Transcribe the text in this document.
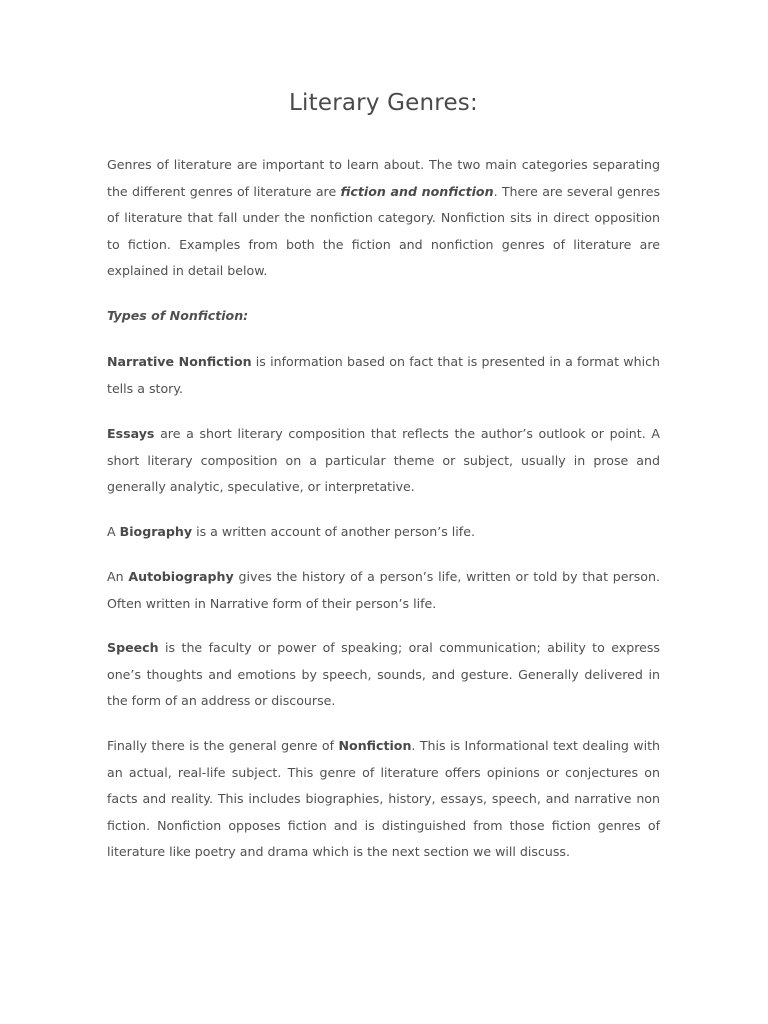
Literary Genres:

Genres of literature are important to learn about. The two main categories separating the different genres of literature are fiction and nonfiction. There are several genres of literature that fall under the nonfiction category. Nonfiction sits in direct opposition to fiction. Examples from both the fiction and nonfiction genres of literature are explained in detail below.

Types of Nonfiction:

Narrative Nonfiction is information based on fact that is presented in a format which tells a story.

Essays are a short literary composition that reflects the author’s outlook or point. A short literary composition on a particular theme or subject, usually in prose and generally analytic, speculative, or interpretative.

A Biography is a written account of another person’s life.

An Autobiography gives the history of a person’s life, written or told by that person. Often written in Narrative form of their person’s life.

Speech is the faculty or power of speaking; oral communication; ability to express one’s thoughts and emotions by speech, sounds, and gesture. Generally delivered in the form of an address or discourse.

Finally there is the general genre of Nonfiction. This is Informational text dealing with an actual, real-life subject. This genre of literature offers opinions or conjectures on facts and reality. This includes biographies, history, essays, speech, and narrative non fiction. Nonfiction opposes fiction and is distinguished from those fiction genres of literature like poetry and drama which is the next section we will discuss.
